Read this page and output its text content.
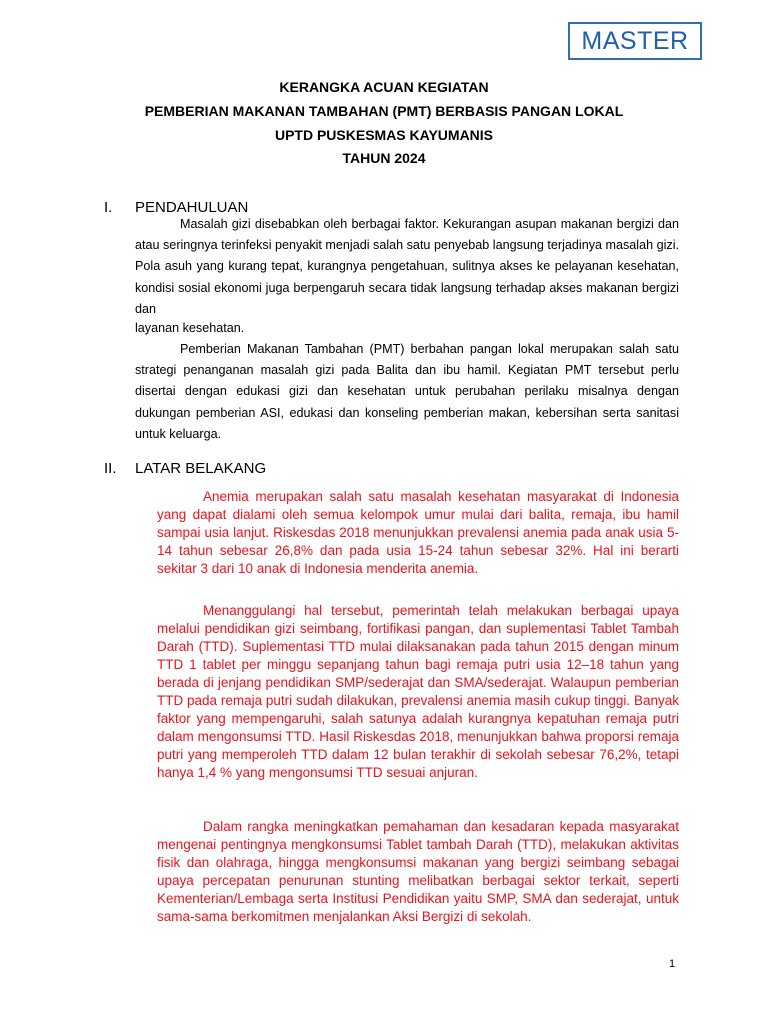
MASTER
KERANGKA ACUAN KEGIATAN
PEMBERIAN MAKANAN TAMBAHAN (PMT) BERBASIS PANGAN LOKAL
UPTD PUSKESMAS KAYUMANIS
TAHUN 2024
I. PENDAHULUAN
Masalah gizi disebabkan oleh berbagai faktor. Kekurangan asupan makanan bergizi dan atau seringnya terinfeksi penyakit menjadi salah satu penyebab langsung terjadinya masalah gizi. Pola asuh yang kurang tepat, kurangnya pengetahuan, sulitnya akses ke pelayanan kesehatan, kondisi sosial ekonomi juga berpengaruh secara tidak langsung terhadap akses makanan bergizi dan
layanan kesehatan.
Pemberian Makanan Tambahan (PMT) berbahan pangan lokal merupakan salah satu strategi penanganan masalah gizi pada Balita dan ibu hamil. Kegiatan PMT tersebut perlu disertai dengan edukasi gizi dan kesehatan untuk perubahan perilaku misalnya dengan dukungan pemberian ASI, edukasi dan konseling pemberian makan, kebersihan serta sanitasi untuk keluarga.
II. LATAR BELAKANG
Anemia merupakan salah satu masalah kesehatan masyarakat di Indonesia yang dapat dialami oleh semua kelompok umur mulai dari balita, remaja, ibu hamil sampai usia lanjut. Riskesdas 2018 menunjukkan prevalensi anemia pada anak usia 5-14 tahun sebesar 26,8% dan pada usia 15-24 tahun sebesar 32%. Hal ini berarti sekitar 3 dari 10 anak di Indonesia menderita anemia.
Menanggulangi hal tersebut, pemerintah telah melakukan berbagai upaya melalui pendidikan gizi seimbang, fortifikasi pangan, dan suplementasi Tablet Tambah Darah (TTD). Suplementasi TTD mulai dilaksanakan pada tahun 2015 dengan minum TTD 1 tablet per minggu sepanjang tahun bagi remaja putri usia 12–18 tahun yang berada di jenjang pendidikan SMP/sederajat dan SMA/sederajat. Walaupun pemberian TTD pada remaja putri sudah dilakukan, prevalensi anemia masih cukup tinggi. Banyak faktor yang mempengaruhi, salah satunya adalah kurangnya kepatuhan remaja putri dalam mengonsumsi TTD. Hasil Riskesdas 2018, menunjukkan bahwa proporsi remaja putri yang memperoleh TTD dalam 12 bulan terakhir di sekolah sebesar 76,2%, tetapi hanya 1,4 % yang mengonsumsi TTD sesuai anjuran.
Dalam rangka meningkatkan pemahaman dan kesadaran kepada masyarakat mengenai pentingnya mengkonsumsi Tablet tambah Darah (TTD), melakukan aktivitas fisik dan olahraga, hingga mengkonsumsi makanan yang bergizi seimbang sebagai upaya percepatan penurunan stunting melibatkan berbagai sektor terkait, seperti Kementerian/Lembaga serta Institusi Pendidikan yaitu SMP, SMA dan sederajat, untuk sama-sama berkomitmen menjalankan Aksi Bergizi di sekolah.
1
